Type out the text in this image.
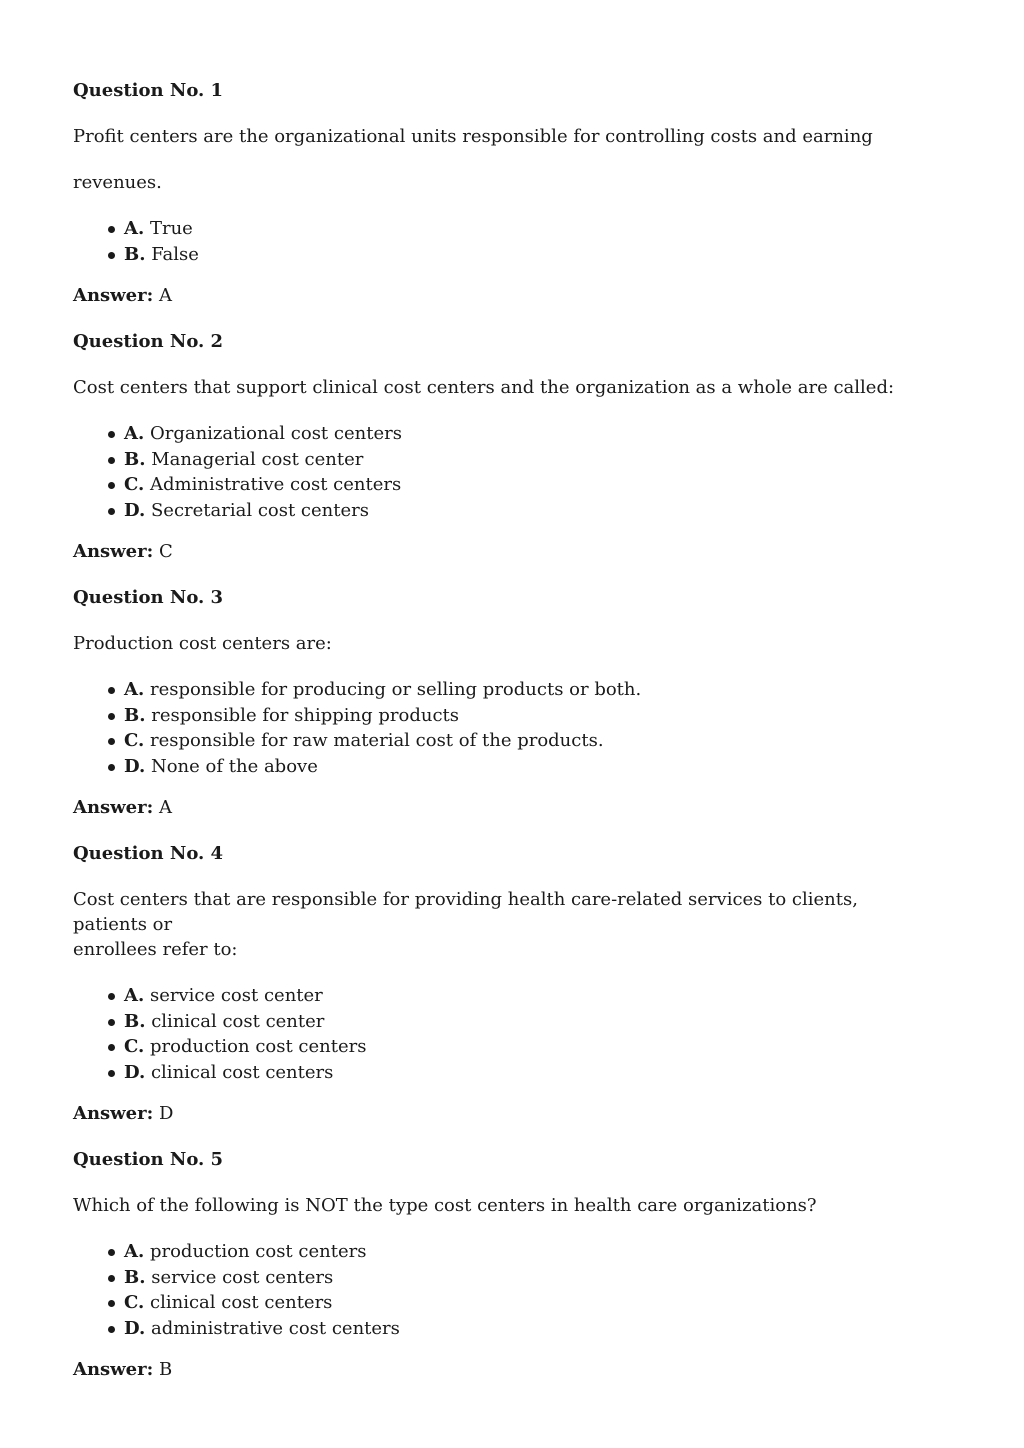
Question No. 1
Profit centers are the organizational units responsible for controlling costs and earning
revenues.
A. True
B. False
Answer: A
Question No. 2
Cost centers that support clinical cost centers and the organization as a whole are called:
A. Organizational cost centers
B. Managerial cost center
C. Administrative cost centers
D. Secretarial cost centers
Answer: C
Question No. 3
Production cost centers are:
A. responsible for producing or selling products or both.
B. responsible for shipping products
C. responsible for raw material cost of the products.
D. None of the above
Answer: A
Question No. 4
Cost centers that are responsible for providing health care-related services to clients, patients or
enrollees refer to:
A. service cost center
B. clinical cost center
C. production cost centers
D. clinical cost centers
Answer: D
Question No. 5
Which of the following is NOT the type cost centers in health care organizations?
A. production cost centers
B. service cost centers
C. clinical cost centers
D. administrative cost centers
Answer: B
